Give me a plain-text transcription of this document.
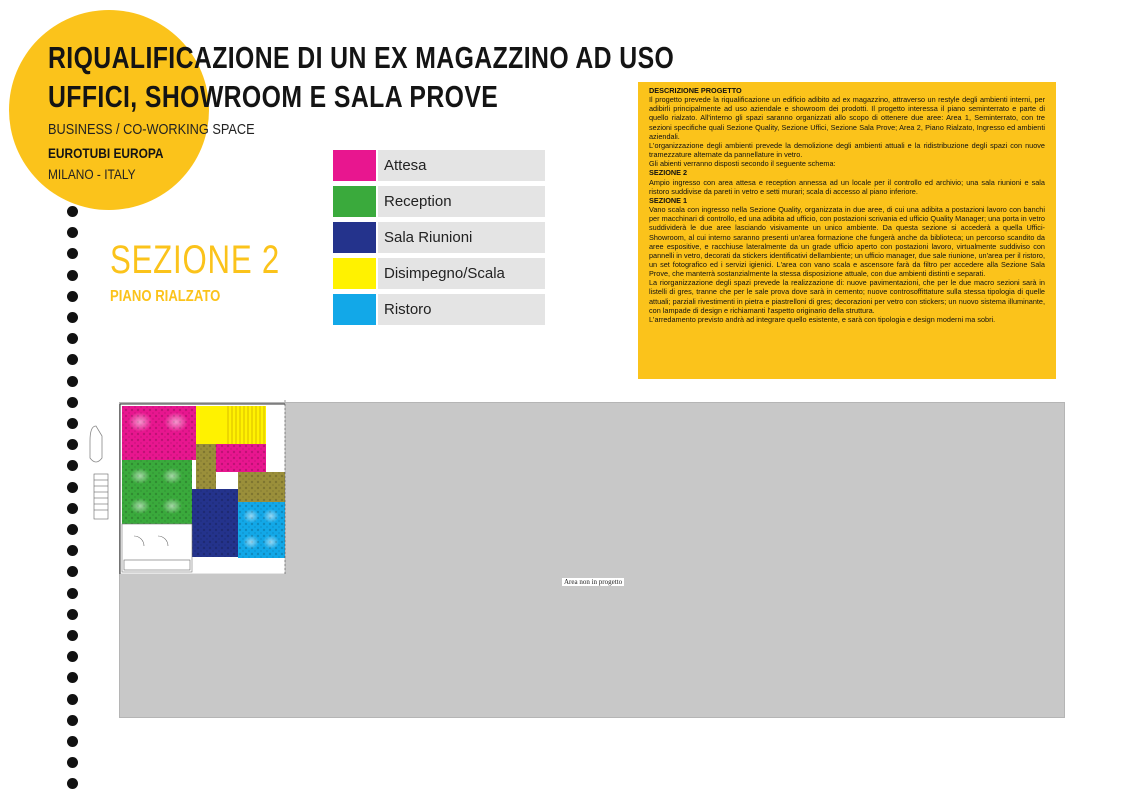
RIQUALIFICAZIONE DI UN EX MAGAZZINO AD USO
UFFICI, SHOWROOM E SALA PROVE
BUSINESS / CO-WORKING SPACE
EUROTUBI EUROPA
MILANO - ITALY
SEZIONE 2
PIANO RIALZATO
Attesa
Reception
Sala Riunioni
Disimpegno/Scala
Ristoro

DESCRIZIONE PROGETTO

Il progetto prevede la riqualificazione un edificio adibito ad ex magazzino, attraverso un restyle degli ambienti interni, per adibirli principalmente ad uso aziendale e showroom dei prodotti. Il progetto interessa il piano seminterrato e parte di quello rialzato. All'interno gli spazi saranno organizzati allo scopo di ottenere due aree: Area 1, Seminterrato, con tre sezioni specifiche quali Sezione Quality, Sezione Uffici, Sezione Sala Prove; Area 2, Piano Rialzato, Ingresso ed ambienti aziendali.

L'organizzazione degli ambienti prevede la demolizione degli ambienti attuali e la ridistribuzione degli spazi con nuove tramezzature alternate da pannellature in vetro.

Gli abienti verranno disposti secondo il seguente schema:

SEZIONE 2

Ampio ingresso con area attesa e reception annessa ad un locale per il controllo ed archivio; una sala riunioni e sala ristoro suddivise da pareti in vetro e setti murari; scala di accesso al piano inferiore.

SEZIONE 1

Vano scala con ingresso nella Sezione Quality, organizzata in due aree, di cui una adibita a postazioni lavoro con banchi per macchinari di controllo, ed una adibita ad ufficio, con postazioni scrivania ed ufficio Quality Manager; una porta in vetro suddividerà le due aree lasciando visivamente un unico ambiente. Da questa sezione si accederà a quella Uffici-Showroom, al cui interno saranno presenti un'area formazione che fungerà anche da biblioteca; un percorso scandito da aree espositive, e racchiuse lateralmente da un grade ufficio aperto con postazioni lavoro, virtualmente suddiviso con pannelli in vetro, decorati da stickers identificativi dellambiente; un ufficio manager, due sale riunione, un'area per il ristoro, un set fotografico ed i servizi igienici. L'area con vano scala e ascensore farà da filtro per accedere alla Sezione Sala Prove, che manterrà sostanzialmente la stessa disposizione attuale, con due ambienti distinti e separati.

La riorganizzazione degli spazi prevede la realizzazione di: nuove pavimentazioni, che per le due macro sezioni sarà in listelli di gres, tranne che per le sale prova dove sarà in cemento; nuove controsoffittature sulla stessa tipologia di quelle attuali; parziali rivestimenti in pietra e piastrelloni di gres; decorazioni per vetro con stickers; un nuovo sistema illuminante, con lampade di design e richiamanti l'aspetto originario della struttura.

L'arredamento previsto andrà ad integrare quello esistente, e sarà con tipologia e design moderni ma sobri.

Area non in progetto
